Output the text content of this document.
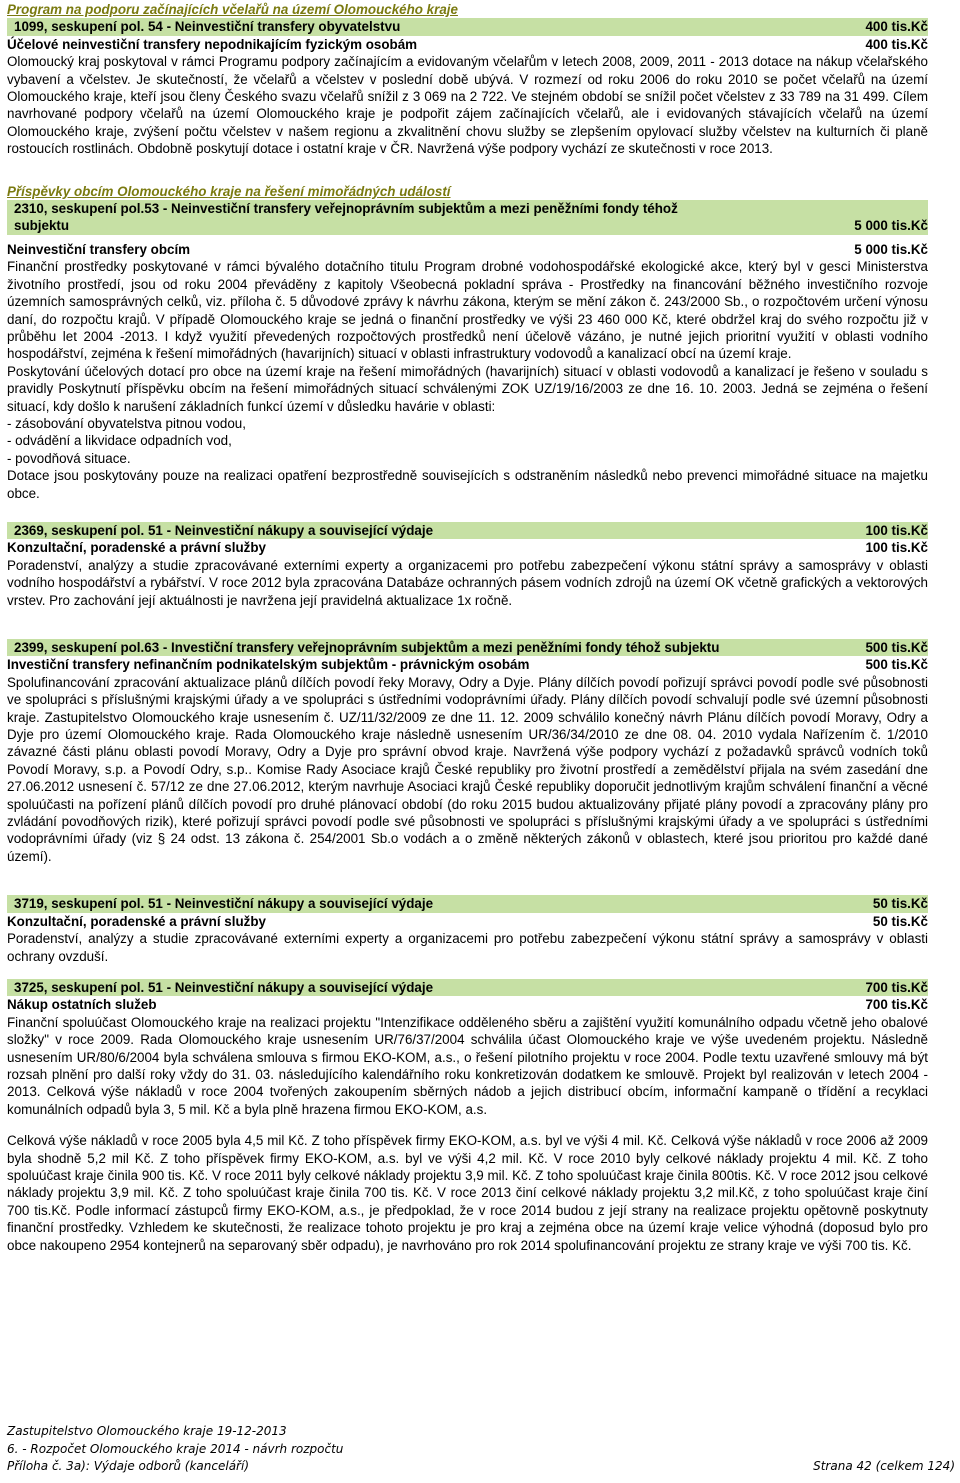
Program na podporu začínajících včelařů na území Olomouckého kraje
1099, seskupení pol. 54 - Neinvestiční transfery obyvatelstvu	400 tis.Kč
Účelové neinvestiční transfery nepodnikajícím fyzickým osobám	400 tis.Kč
Olomoucký kraj poskytoval v rámci Programu podpory začínajícím a evidovaným včelařům v letech 2008, 2009, 2011 - 2013 dotace na nákup včelařského vybavení a včelstev. Je skutečností, že včelařů a včelstev v poslední době ubývá. V rozmezí od roku 2006 do roku 2010 se počet včelařů na území Olomouckého kraje, kteří jsou členy Českého svazu včelařů snížil z 3 069 na 2 722. Ve stejném období se snížil počet včelstev z 33 789 na 31 499. Cílem navrhované podpory včelařů na území Olomouckého kraje je podpořit zájem začínajících včelařů, ale i evidovaných stávajících včelařů na území Olomouckého kraje, zvýšení počtu včelstev v našem regionu a zkvalitnění chovu služby se zlepšením opylovací služby včelstev na kulturních či planě rostoucích rostlinách. Obdobně poskytují dotace i ostatní kraje v ČR. Navržená výše podpory vychází ze skutečnosti v roce 2013.
Příspěvky obcím Olomouckého kraje na řešení mimořádných událostí
2310, seskupení pol.53 - Neinvestiční transfery veřejnoprávním subjektům a mezi peněžními fondy téhož
subjektu	5 000 tis.Kč
Neinvestiční transfery obcím	5 000 tis.Kč
Finanční prostředky poskytované v rámci bývalého dotačního titulu Program drobné vodohospodářské ekologické akce, který byl v gesci Ministerstva životního prostředí, jsou od roku 2004 převáděny z kapitoly Všeobecná pokladní správa - Prostředky na financování běžného investičního rozvoje územních samosprávných celků, viz. příloha č. 5 důvodové zprávy k návrhu zákona, kterým se mění zákon č. 243/2000 Sb., o rozpočtovém určení výnosu daní, do rozpočtu krajů. V případě Olomouckého kraje se jedná o finanční prostředky ve výši 23 460 000 Kč, které obdržel kraj do svého rozpočtu již v průběhu let 2004 -2013. I když využití převedených rozpočtových prostředků není účelově vázáno, je nutné jejich prioritní využití v oblasti vodního hospodářství, zejména k řešení mimořádných (havarijních) situací v oblasti infrastruktury vodovodů a kanalizací obcí na území kraje.
Poskytování účelových dotací pro obce na území kraje na řešení mimořádných (havarijních) situací v oblasti vodovodů a kanalizací je řešeno v souladu s pravidly Poskytnutí příspěvku obcím na řešení mimořádných situací schválenými ZOK UZ/19/16/2003 ze dne 16. 10. 2003. Jedná se zejména o řešení situací, kdy došlo k narušení základních funkcí území v důsledku havárie v oblasti:
- zásobování obyvatelstva pitnou vodou,
- odvádění a likvidace odpadních vod,
- povodňová situace.
Dotace jsou poskytovány pouze na realizaci opatření bezprostředně souvisejících s odstraněním následků nebo prevenci mimořádné situace na majetku obce.
2369, seskupení pol. 51 - Neinvestiční nákupy a související výdaje	100 tis.Kč
Konzultační, poradenské a právní služby	100 tis.Kč
Poradenství, analýzy a studie zpracovávané externími experty a organizacemi pro potřebu zabezpečení výkonu státní správy a samosprávy v oblasti vodního hospodářství a rybářství. V roce 2012 byla zpracována Databáze ochranných pásem vodních zdrojů na území OK včetně grafických a vektorových vrstev. Pro zachování její aktuálnosti je navržena její pravidelná aktualizace 1x ročně.
2399, seskupení pol.63 - Investiční transfery veřejnoprávním subjektům a mezi peněžními fondy téhož subjektu	500 tis.Kč
Investiční transfery nefinančním podnikatelským subjektům - právnickým osobám	500 tis.Kč
Spolufinancování zpracování aktualizace plánů dílčích povodí řeky Moravy, Odry a Dyje. Plány dílčích povodí pořizují správci povodí podle své působnosti ve spolupráci s příslušnými krajskými úřady a ve spolupráci s ústředními vodoprávními úřady. Plány dílčích povodí schvalují podle své územní působnosti kraje. Zastupitelstvo Olomouckého kraje usnesením č. UZ/11/32/2009 ze dne 11. 12. 2009 schválilo konečný návrh Plánu dílčích povodí Moravy, Odry a Dyje pro území Olomouckého kraje. Rada Olomouckého kraje následně usnesením UR/36/34/2010 ze dne 08. 04. 2010 vydala Nařízením č. 1/2010 závazné části plánu oblasti povodí Moravy, Odry a Dyje pro správní obvod kraje. Navržená výše podpory vychází z požadavků správců vodních toků Povodí Moravy, s.p. a Povodí Odry, s.p.. Komise Rady Asociace krajů České republiky pro životní prostředí a zemědělství přijala na svém zasedání dne 27.06.2012 usnesení č. 57/12 ze dne 27.06.2012, kterým navrhuje Asociaci krajů České republiky doporučit jednotlivým krajům schválení finanční a věcné spoluúčasti na pořízení plánů dílčích povodí pro druhé plánovací období (do roku 2015 budou aktualizovány přijaté plány povodí a zpracovány plány pro zvládání povodňových rizik), které pořizují správci povodí podle své působnosti ve spolupráci s příslušnými krajskými úřady a ve spolupráci s ústředními vodoprávními úřady (viz § 24 odst. 13 zákona č. 254/2001 Sb.o vodách a o změně některých zákonů v oblastech, které jsou prioritou pro každé dané území).
3719, seskupení pol. 51 - Neinvestiční nákupy a související výdaje	50 tis.Kč
Konzultační, poradenské a právní služby	50 tis.Kč
Poradenství, analýzy a studie zpracovávané externími experty a organizacemi pro potřebu zabezpečení výkonu státní správy a samosprávy v oblasti ochrany ovzduší.
3725, seskupení pol. 51 - Neinvestiční nákupy a související výdaje	700 tis.Kč
Nákup ostatních služeb	700 tis.Kč
Finanční spoluúčast Olomouckého kraje na realizaci projektu "Intenzifikace odděleného sběru a zajištění využití komunálního odpadu včetně jeho obalové složky" v roce 2009. Rada Olomouckého kraje usnesením UR/76/37/2004 schválila účast Olomouckého kraje ve výše uvedeném projektu. Následně usnesením UR/80/6/2004 byla schválena smlouva s firmou EKO-KOM, a.s., o řešení pilotního projektu v roce 2004. Podle textu uzavřené smlouvy má být rozsah plnění pro další roky vždy do 31. 03. následujícího kalendářního roku konkretizován dodatkem ke smlouvě. Projekt byl realizován v letech 2004 - 2013. Celková výše nákladů v roce 2004 tvořených zakoupením sběrných nádob a jejich distribucí obcím, informační kampaně o třídění a recyklaci komunálních odpadů byla 3, 5 mil. Kč a byla plně hrazena firmou EKO-KOM, a.s.
Celková výše nákladů v roce 2005 byla 4,5 mil Kč. Z toho příspěvek firmy EKO-KOM, a.s. byl ve výši 4 mil. Kč. Celková výše nákladů v roce 2006 až 2009 byla shodně 5,2 mil Kč. Z toho příspěvek firmy EKO-KOM, a.s. byl ve výši 4,2 mil. Kč. V roce 2010 byly celkové náklady projektu 4 mil. Kč. Z toho spoluúčast kraje činila 900 tis. Kč. V roce 2011 byly celkové náklady projektu 3,9 mil. Kč. Z toho spoluúčast kraje činila 800tis. Kč. V roce 2012 jsou celkové náklady projektu 3,9 mil. Kč. Z toho spoluúčast kraje činila 700 tis. Kč. V roce 2013 činí celkové náklady projektu 3,2 mil.Kč, z toho spoluúčast kraje činí 700 tis.Kč. Podle informací zástupců firmy EKO-KOM, a.s., je předpoklad, že v roce 2014 budou z její strany na realizace projektu opětovně poskytnuty finanční prostředky. Vzhledem ke skutečnosti, že realizace tohoto projektu je pro kraj a zejména obce na území kraje velice výhodná (doposud bylo pro obce nakoupeno 2954 kontejnerů na separovaný sběr odpadu), je navrhováno pro rok 2014 spolufinancování projektu ze strany kraje ve výši 700 tis. Kč.
Zastupitelstvo Olomouckého kraje 19-12-2013
6. - Rozpočet Olomouckého kraje 2014 - návrh rozpočtu
Příloha č. 3a): Výdaje odborů (kanceláří)	Strana 42 (celkem 124)
